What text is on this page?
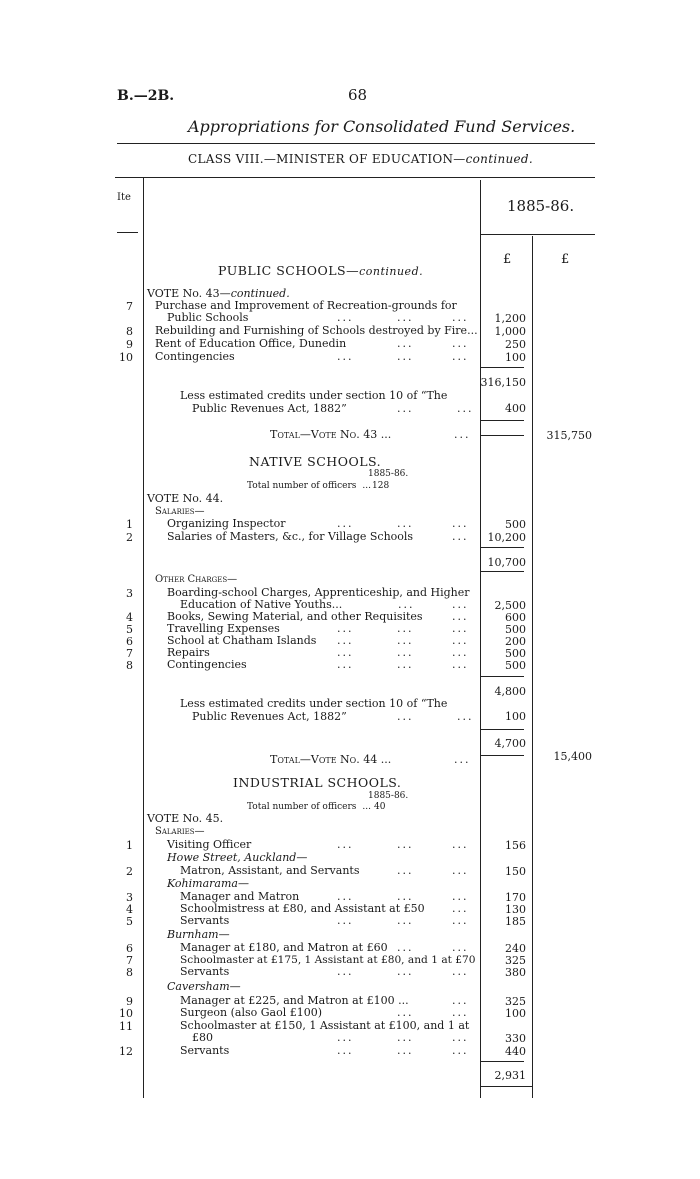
B.—2B.	68
Appropriations for Consolidated Fund Services.
CLASS VIII.—MINISTER OF EDUCATION—continued.
Ite	1885-86.
£	£
PUBLIC SCHOOLS—continued.
VOTE No. 43—continued.
7 Purchase and Improvement of Recreation-grounds for
Public Schools	...	...	...	1,200
8 Rebuilding and Furnishing of Schools destroyed by Fire...	1,000
9 Rent of Education Office, Dunedin	...	...	250
10 Contingencies	...	...	...	100
316,150
Less estimated credits under section 10 of “The
Public Revenues Act, 1882”	...	...	400
Total—Vote No. 43 ...	...	315,750
NATIVE SCHOOLS.
1885-86.
Total number of officers ... 128
VOTE No. 44.
Salaries—
1	Organizing Inspector	...	...	...	500
2	Salaries of Masters, &c., for Village Schools	...	10,200
10,700
Other Charges—
3	Boarding-school Charges, Apprenticeship, and Higher
Education of Native Youths...	...	...	2,500
4	Books, Sewing Material, and other Requisites	...	600
5	Travelling Expenses	...	...	...	500
6	School at Chatham Islands ...	...	...	200
7	Repairs	...	...	...	500
8	Contingencies	...	...	...	500
4,800
Less estimated credits under section 10 of “The
Public Revenues Act, 1882”	...	...	100
4,700
Total—Vote No. 44 ...	...	15,400
INDUSTRIAL SCHOOLS.
1885-86.
Total number of officers ... 40
VOTE No. 45.
Salaries—
1	Visiting Officer	...	...	...	156
Howe Street, Auckland—
2	Matron, Assistant, and Servants	...	...	150
Kohimarama—
3	Manager and Matron	...	...	...	170
4	Schoolmistress at £80, and Assistant at £50 ...	130
5	Servants	...	...	...	185
Burnham—
6	Manager at £180, and Matron at £60 ...	...	240
7	Schoolmaster at £175, 1 Assistant at £80, and 1 at £70	325
8	Servants	...	...	...	380
Caversham—
9	Manager at £225, and Matron at £100 ...	...	325
10	Surgeon (also Gaol £100)	...	...	100
11	Schoolmaster at £150, 1 Assistant at £100, and 1 at
£80	...	...	...	330
12	Servants	...	...	...	440
2,931
